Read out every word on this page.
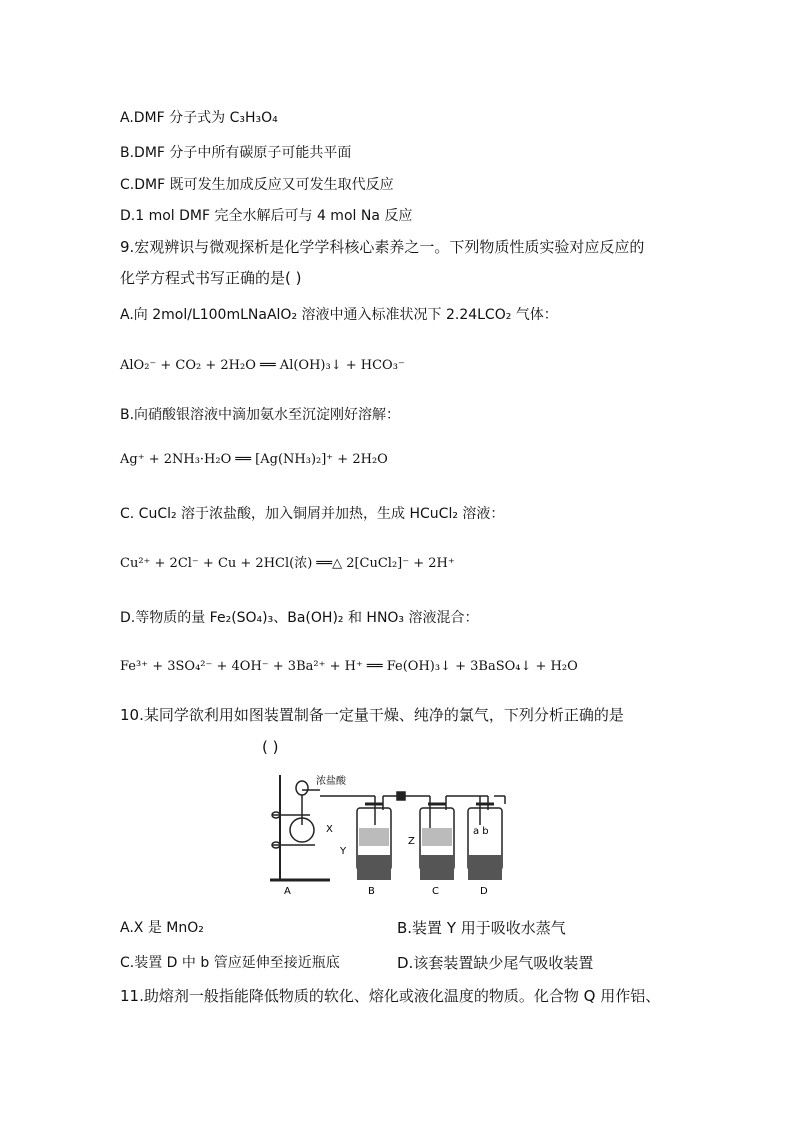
A.DMF 分子式为 C₃H₃O₄
B.DMF 分子中所有碳原子可能共平面
C.DMF 既可发生加成反应又可发生取代反应
D.1 mol DMF 完全水解后可与 4 mol Na 反应
9.宏观辨识与微观探析是化学学科核心素养之一。下列物质性质实验对应反应的
化学方程式书写正确的是( )
A.向 2mol/L100mLNaAlO₂ 溶液中通入标准状况下 2.24LCO₂ 气体：
AlO₂⁻ + CO₂ + 2H₂O ══ Al(OH)₃↓ + HCO₃⁻
B.向硝酸银溶液中滴加氨水至沉淀刚好溶解：
Ag⁺ + 2NH₃·H₂O ══ [Ag(NH₃)₂]⁺ + 2H₂O
C. CuCl₂ 溶于浓盐酸，加入铜屑并加热，生成 HCuCl₂ 溶液：
Cu²⁺ + 2Cl⁻ + Cu + 2HCl(浓) ══△ 2[CuCl₂]⁻ + 2H⁺
D.等物质的量 Fe₂(SO₄)₃、Ba(OH)₂ 和 HNO₃ 溶液混合：
Fe³⁺ + 3SO₄²⁻ + 4OH⁻ + 3Ba²⁺ + H⁺ ══ Fe(OH)₃↓ + 3BaSO₄↓ + H₂O
10.某同学欲利用如图装置制备一定量干燥、纯净的氯气，下列分析正确的是
( )
浓盐酸
X
Y
Z
a b
A	B	C	D
A.X 是 MnO₂	B.装置 Y 用于吸收水蒸气
C.装置 D 中 b 管应延伸至接近瓶底	D.该套装置缺少尾气吸收装置
11.助熔剂一般指能降低物质的软化、熔化或液化温度的物质。化合物 Q 用作铝、
